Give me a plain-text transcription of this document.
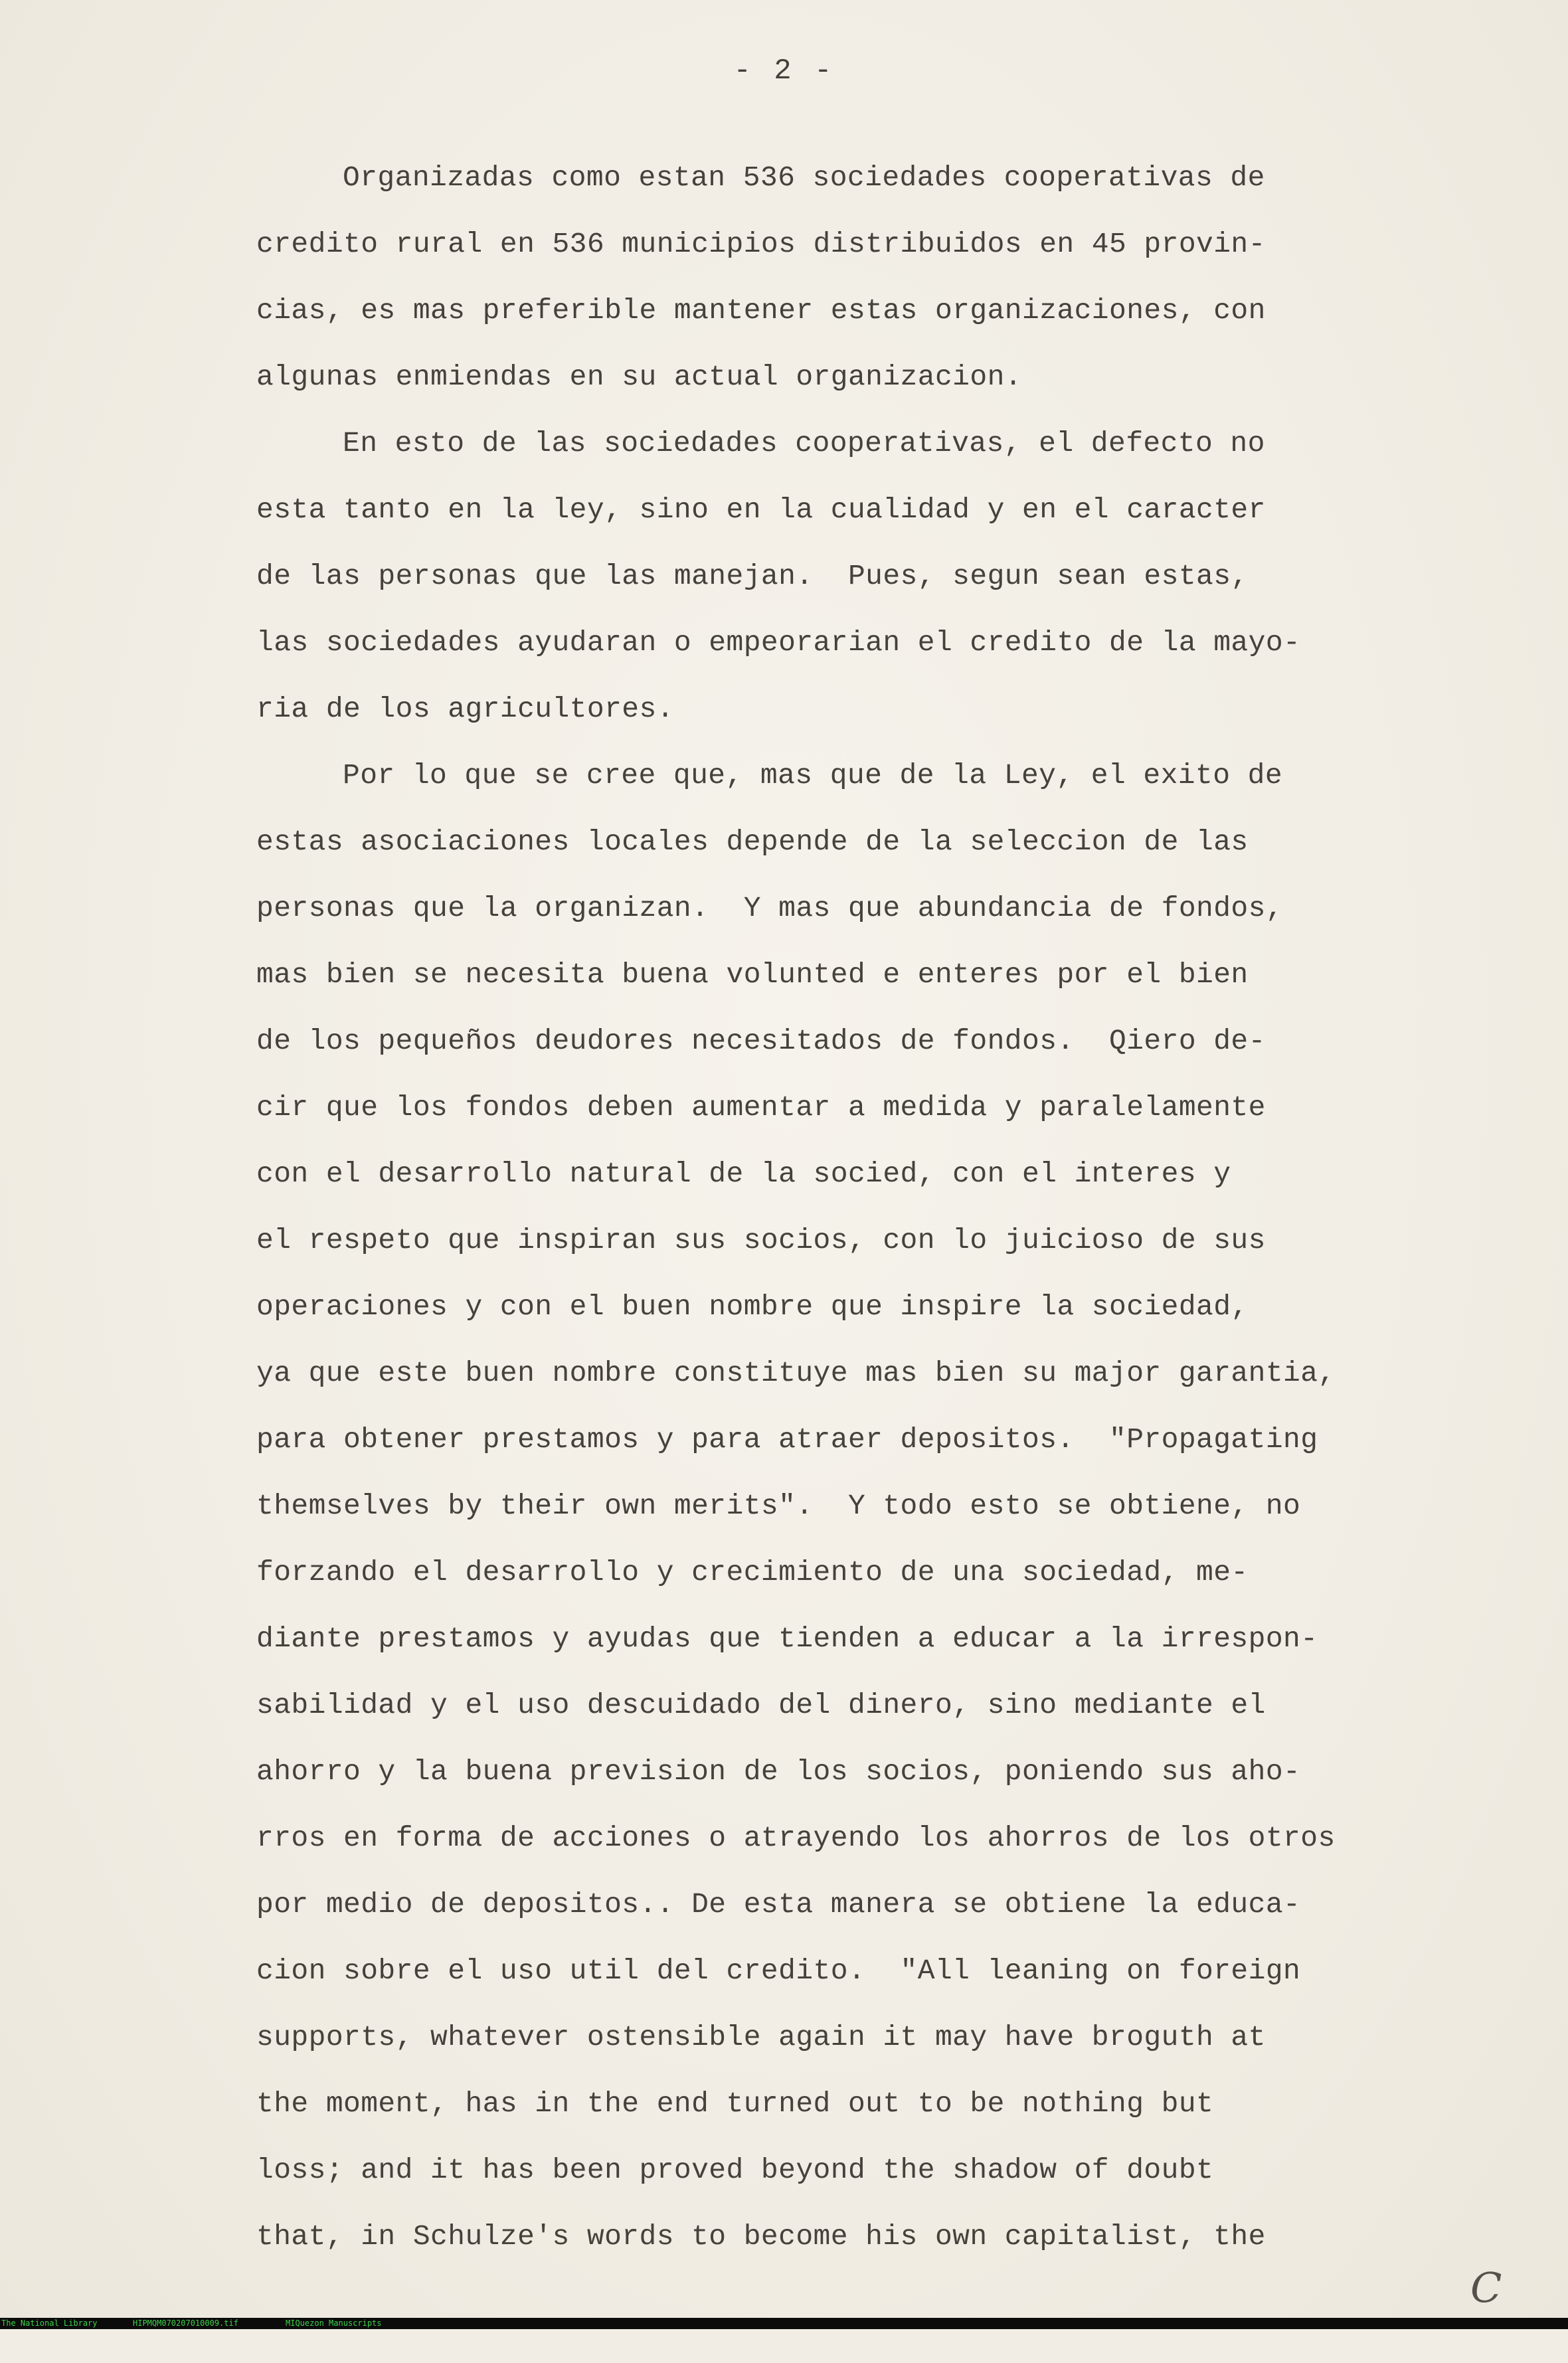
- 2 -
Organizadas como estan 536 sociedades cooperativas de
credito rural en 536 municipios distribuidos en 45 provin-
cias, es mas preferible mantener estas organizaciones, con
algunas enmiendas en su actual organizacion.
En esto de las sociedades cooperativas, el defecto no
esta tanto en la ley, sino en la cualidad y en el caracter
de las personas que las manejan.  Pues, segun sean estas,
las sociedades ayudaran o empeorarian el credito de la mayo-
ria de los agricultores.
Por lo que se cree que, mas que de la Ley, el exito de
estas asociaciones locales depende de la seleccion de las
personas que la organizan.  Y mas que abundancia de fondos,
mas bien se necesita buena volunted e enteres por el bien
de los pequeños deudores necesitados de fondos.  Qiero de-
cir que los fondos deben aumentar a medida y paralelamente
con el desarrollo natural de la socied, con el interes y
el respeto que inspiran sus socios, con lo juicioso de sus
operaciones y con el buen nombre que inspire la sociedad,
ya que este buen nombre constituye mas bien su major garantia,
para obtener prestamos y para atraer depositos.  "Propagating
themselves by their own merits".  Y todo esto se obtiene, no
forzando el desarrollo y crecimiento de una sociedad, me-
diante prestamos y ayudas que tienden a educar a la irrespon-
sabilidad y el uso descuidado del dinero, sino mediante el
ahorro y la buena prevision de los socios, poniendo sus aho-
rros en forma de acciones o atrayendo los ahorros de los otros
por medio de depositos.. De esta manera se obtiene la educa-
cion sobre el uso util del credito.  "All leaning on foreign
supports, whatever ostensible again it may have broguth at
the moment, has in the end turned out to be nothing but
loss; and it has been proved beyond the shadow of doubt
that, in Schulze's words to become his own capitalist, the
C

The National Library

	HIPMQM070207010009.tif

	MIQuezon Manuscripts
